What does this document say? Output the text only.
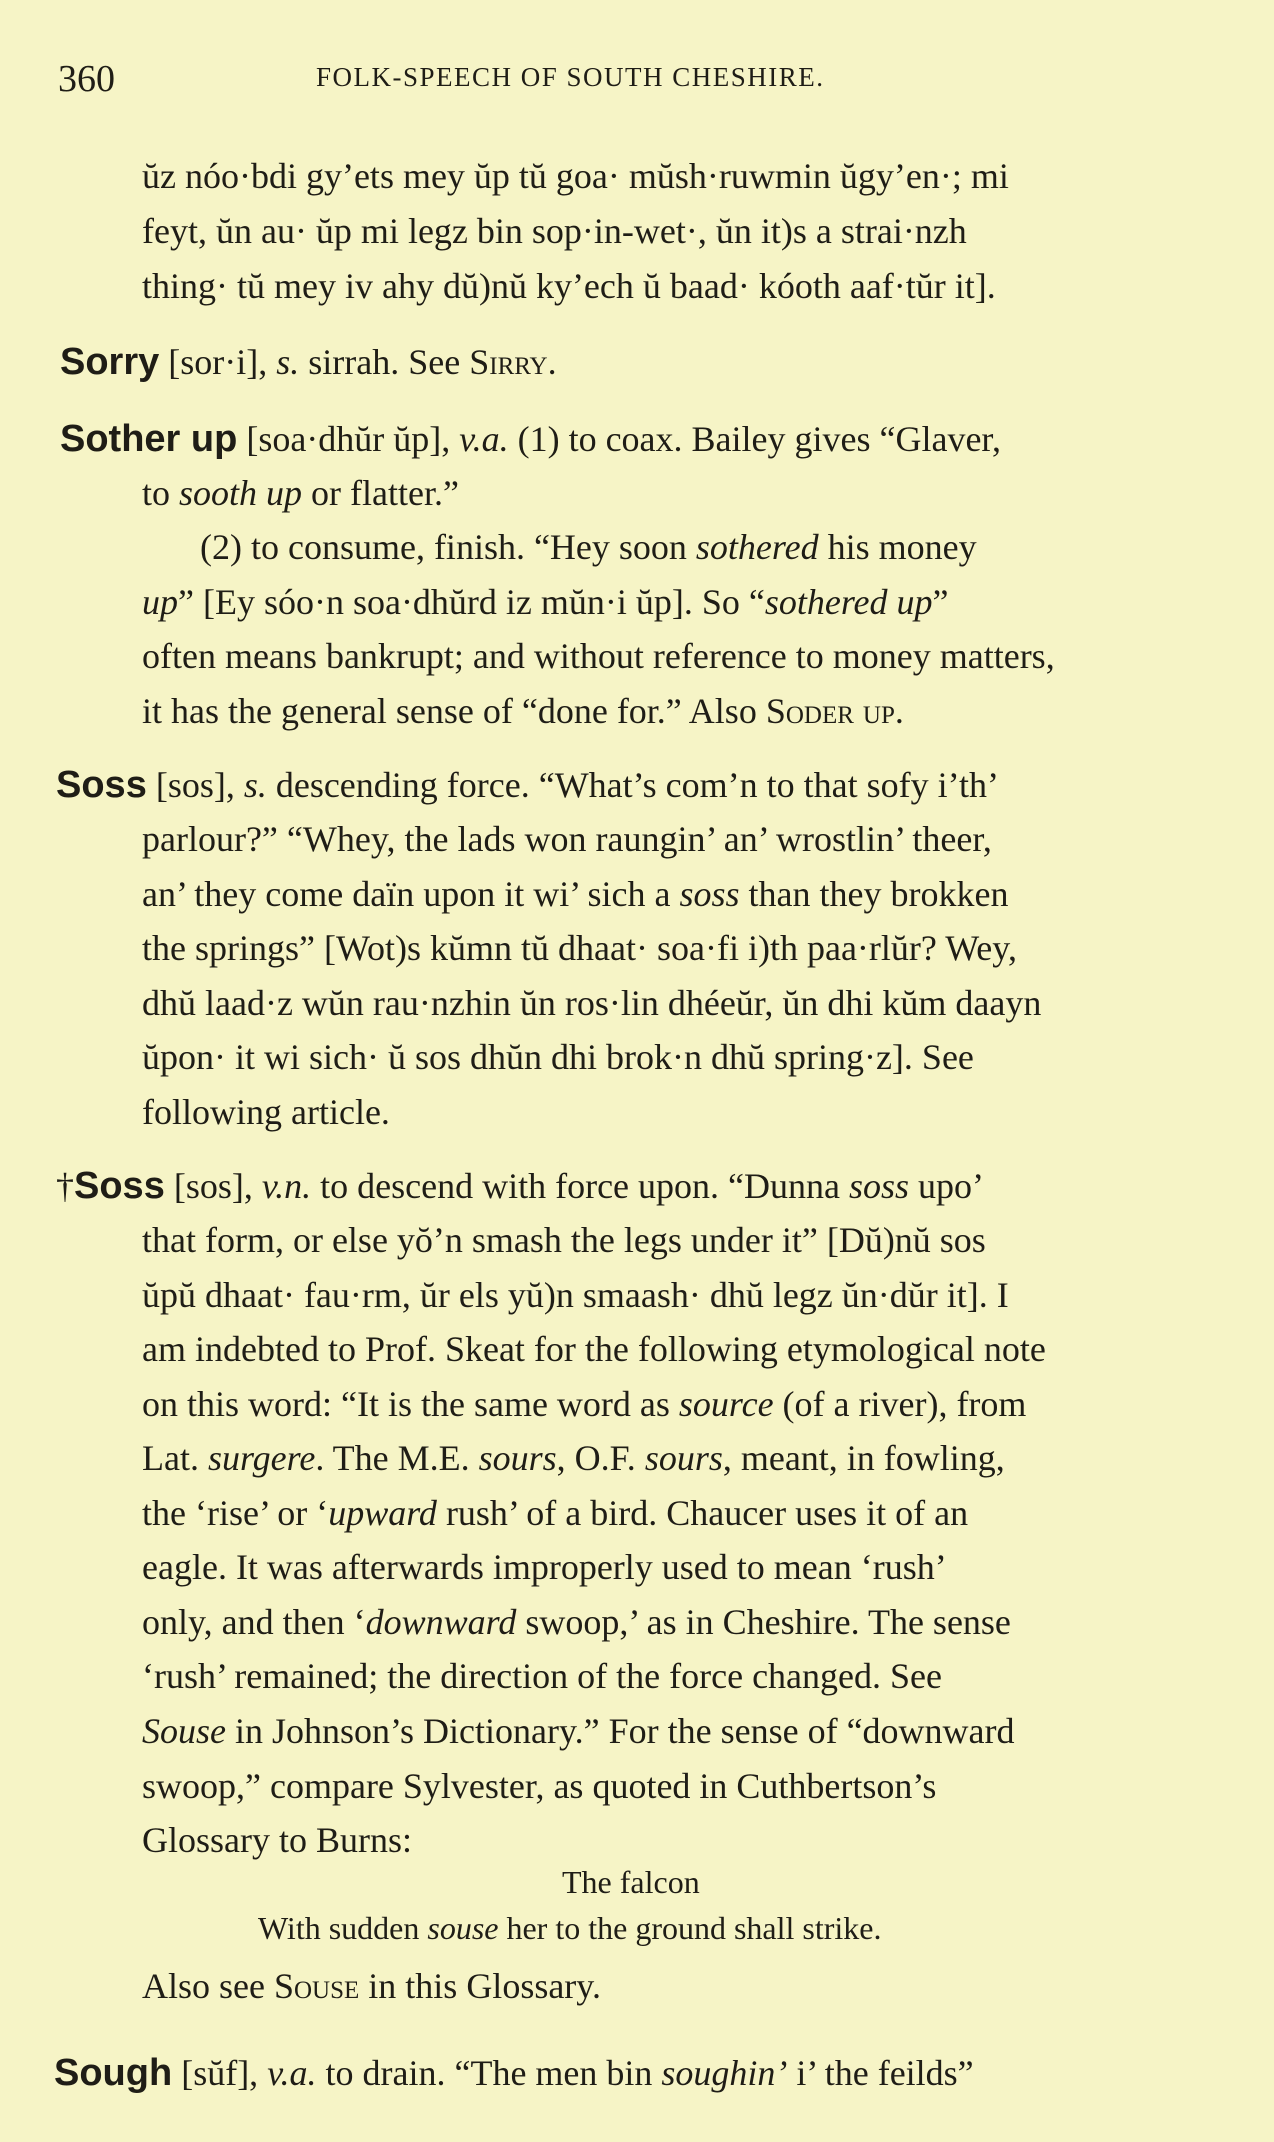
360	FOLK-SPEECH OF SOUTH CHESHIRE.
ŭz nóo·bdi gy’ets mey ŭp tŭ goa· mŭsh·ruwmin ŭgy’en·; mi
feyt, ŭn au· ŭp mi legz bin sop·in-wet·, ŭn it)s a strai·nzh
thing· tŭ mey iv ahy dŭ)nŭ ky’ech ŭ baad· kóoth aaf·tŭr it].
Sorry [sor·i], s. sirrah. See Sirry.
Sother up [soa·dhŭr ŭp], v.a. (1) to coax. Bailey gives “Glaver,
to sooth up or flatter.”
(2) to consume, finish. “Hey soon sothered his money
up” [Ey sóo·n soa·dhŭrd iz mŭn·i ŭp]. So “sothered up”
often means bankrupt; and without reference to money matters,
it has the general sense of “done for.” Also Soder up.
Soss [sos], s. descending force. “What’s com’n to that sofy i’th’
parlour?” “Whey, the lads won raungin’ an’ wrostlin’ theer,
an’ they come daïn upon it wi’ sich a soss than they brokken
the springs” [Wot)s kŭmn tŭ dhaat· soa·fi i)th paa·rlŭr? Wey,
dhŭ laad·z wŭn rau·nzhin ŭn ros·lin dhéeŭr, ŭn dhi kŭm daayn
ŭpon· it wi sich· ŭ sos dhŭn dhi brok·n dhŭ spring·z]. See
following article.
†Soss [sos], v.n. to descend with force upon. “Dunna soss upo’
that form, or else yŏ’n smash the legs under it” [Dŭ)nŭ sos
ŭpŭ dhaat· fau·rm, ŭr els yŭ)n smaash· dhŭ legz ŭn·dŭr it]. I
am indebted to Prof. Skeat for the following etymological note
on this word: “It is the same word as source (of a river), from
Lat. surgere. The M.E. sours, O.F. sours, meant, in fowling,
the ‘rise’ or ‘upward rush’ of a bird. Chaucer uses it of an
eagle. It was afterwards improperly used to mean ‘rush’
only, and then ‘downward swoop,’ as in Cheshire. The sense
‘rush’ remained; the direction of the force changed. See
Souse in Johnson’s Dictionary.” For the sense of “downward
swoop,” compare Sylvester, as quoted in Cuthbertson’s
Glossary to Burns:
The falcon
With sudden souse her to the ground shall strike.
Also see Souse in this Glossary.
Sough [sŭf], v.a. to drain. “The men bin soughin’ i’ the feilds”
